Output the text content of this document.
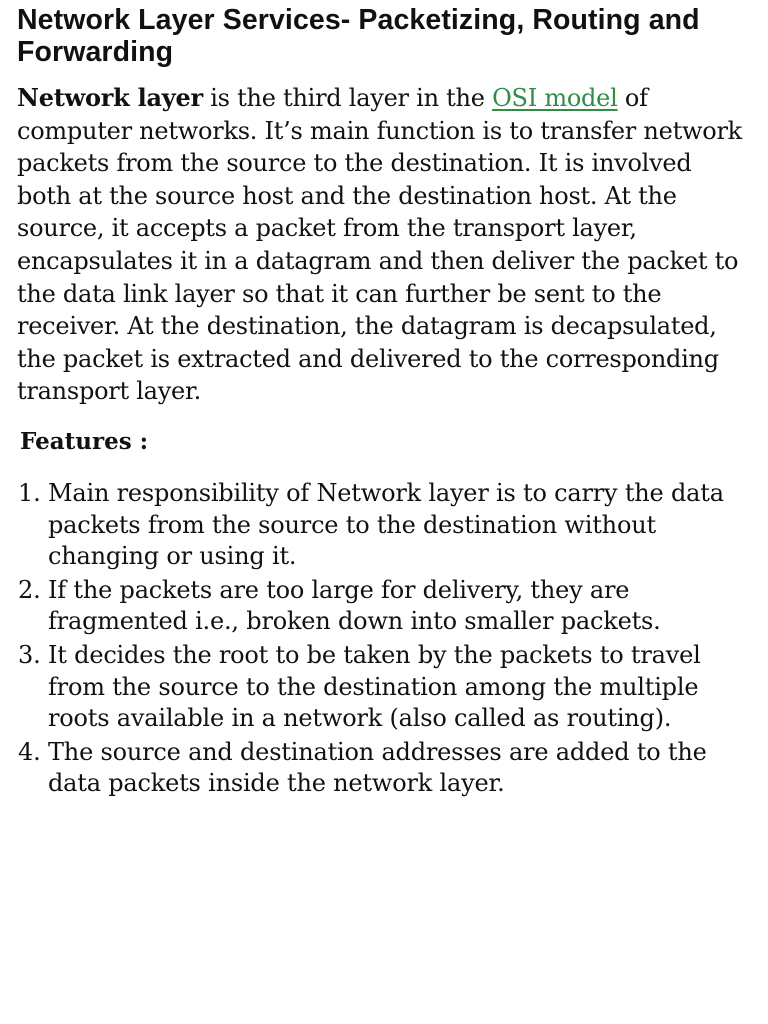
Network Layer Services- Packetizing, Routing and Forwarding

Network layer is the third layer in the OSI model of computer networks. It’s main function is to transfer network packets from the source to the destination. It is involved both at the source host and the destination host. At the source, it accepts a packet from the transport layer, encapsulates it in a datagram and then deliver the packet to the data link layer so that it can further be sent to the receiver. At the destination, the datagram is decapsulated, the packet is extracted and delivered to the corresponding transport layer.

Features :
1. Main responsibility of Network layer is to carry the data packets from the source to the destination without changing or using it.
2. If the packets are too large for delivery, they are fragmented i.e., broken down into smaller packets.
3. It decides the root to be taken by the packets to travel from the source to the destination among the multiple roots available in a network (also called as routing).
4. The source and destination addresses are added to the data packets inside the network layer.
